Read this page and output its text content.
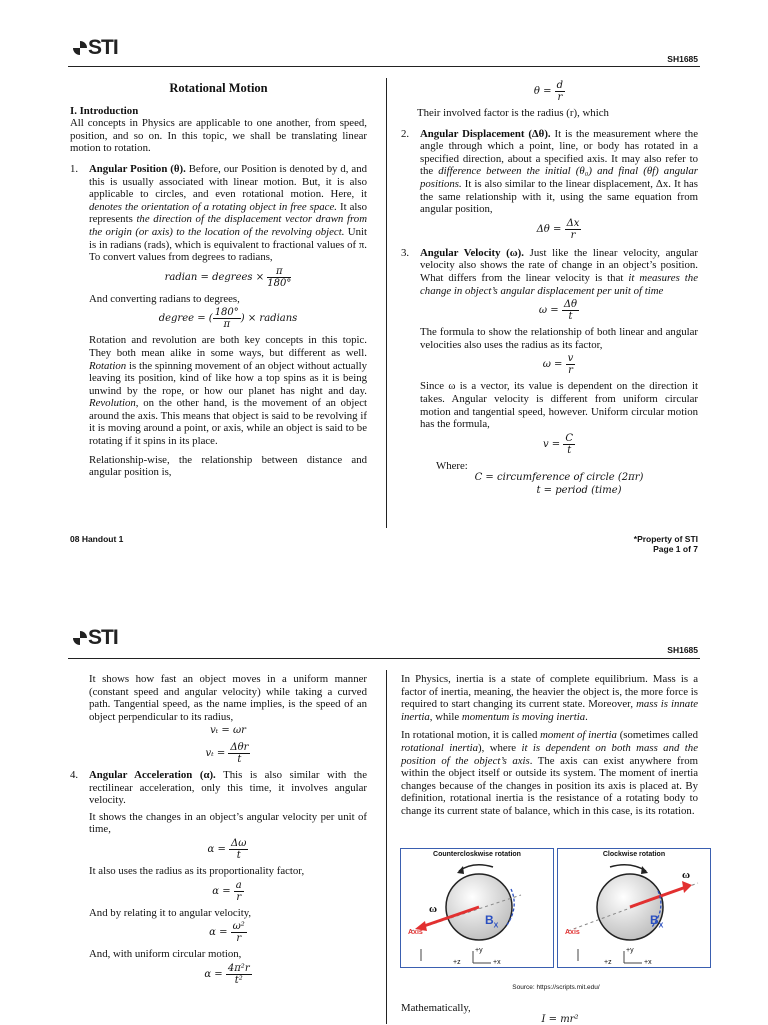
STI	SH1685
Rotational Motion
I. Introduction

All concepts in Physics are applicable to one another, from speed, position, and so on. In this topic, we shall be translating linear motion to rotation.

1. Angular Position (θ). Before, our Position is denoted by d, and this is usually associated with linear motion. But, it is also applicable to circles, and even rotational motion. Here, it denotes the orientation of a rotating object in free space. It also represents the direction of the displacement vector drawn from the origin (or axis) to the location of the revolving object. Unit is in radians (rads), which is equivalent to fractional values of π. To convert values from degrees to radians,

radian = degrees × $\frac{\pi}{180^\circ}$

And converting radians to degrees,

degree = ( $\frac{180^\circ}{\pi}$ ) × radians

Rotation and revolution are both key concepts in this topic. They both mean alike in some ways, but different as well. Rotation is the spinning movement of an object without actually leaving its position, kind of like how a top spins as it is being unwind by the rope, or how our planet has night and day. Revolution, on the other hand, is the movement of an object around the axis. This means that object is said to be revolving if it is moving around a point, or axis, while an object is said to be rotating if it spins in its place.

Relationship-wise, the relationship between distance and angular position is,

$\theta = \frac{d}{r}$

Their involved factor is the radius (r), which

2. Angular Displacement (Δθ). It is the measurement where the angle through which a point, line, or body has rotated in a specified direction, about a specified axis. It may also refer to the difference between the initial (θ₀) and final (θf) angular positions. It is also similar to the linear displacement, Δx. It has the same relationship with it, using the same equation from angular position,

$\Delta\theta = \frac{\Delta x}{r}$
3. Angular Velocity (ω). Just like the linear velocity, angular velocity also shows the rate of change in an object’s position. What differs from the linear velocity is that it measures the change in object’s angular displacement per unit of time

$\omega = \frac{\Delta\theta}{t}$

The formula to show the relationship of both linear and angular velocities also uses the radius as its factor,

$\omega = \frac{v}{r}$

Since ω is a vector, its value is dependent on the direction it takes. Angular velocity is different from uniform circular motion and tangential speed, however. Uniform circular motion has the formula,

$v = \frac{C}{t}$
Where:
C = circumference of circle (2πr)
t = period (time)
08 Handout 1	*Property of STI
Page 1 of 7
STI
SH1685

It shows how fast an object moves in a uniform manner (constant speed and angular velocity) while taking a curved path. Tangential speed, as the name implies, is the speed of an object perpendicular to its radius,

vₜ = ωr
$v_t = \frac{\text{Δθr}}{t}$
4. Angular Acceleration (α). This is also similar with the rectilinear acceleration, only this time, it involves angular velocity.

It shows the changes in an object’s angular velocity per unit of time,

$\alpha = \frac{\Delta\omega}{t}$

It also uses the radius as its proportionality factor,

$\alpha = \frac{a}{r}$

And by relating it to angular velocity,

$\alpha = \frac{\text{ω²}}{r}$

And, with uniform circular motion,

$\alpha = \frac{\text{4π²r}}{\text{t²}}$

In Physics, inertia is a state of complete equilibrium. Mass is a factor of inertia, meaning, the heavier the object is, the more force is required to start changing its current state. Moreover, mass is innate inertia, while momentum is moving inertia.

In rotational motion, it is called moment of inertia (sometimes called rotational inertia), where it is dependent on both mass and the position of the object’s axis. The axis can exist anywhere from within the object itself or outside its system. The moment of inertia changes because of the changes in position its axis is placed at. By definition, rotational inertia is the resistance of a rotating body to change its current state of balance, which in this case, is its rotation.

Countercloskwise rotation
ω
Axis
$B_X$
+y
+x
+z
Clockwise rotation
ω
Axis
$B_X$
+y
+x
+z
Source: https://scripts.mit.edu/
Mathematically,
I = mr²
